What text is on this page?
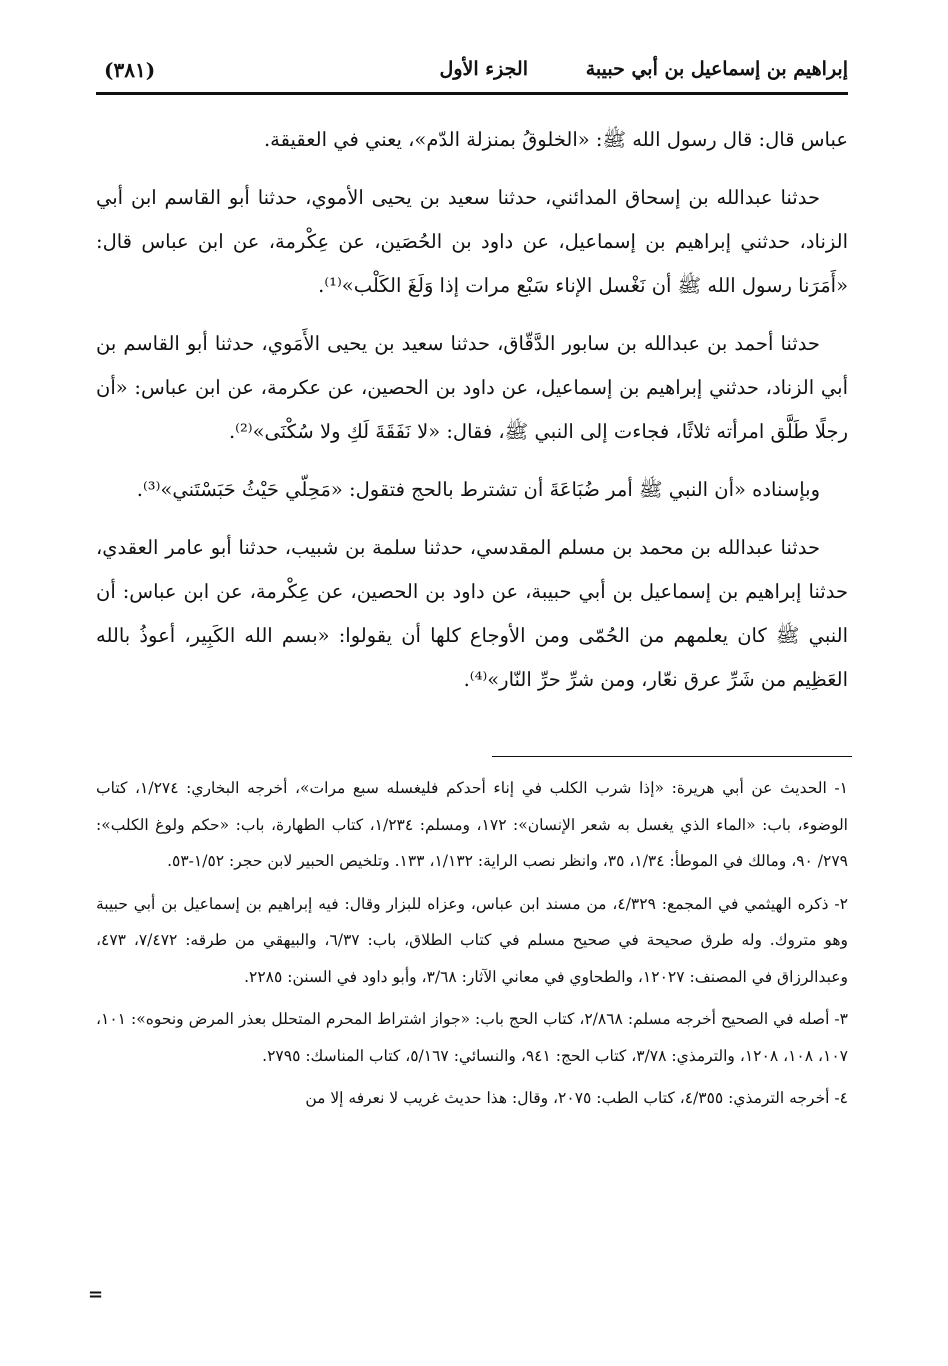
إبراهيم بن إسماعيل بن أبي حبيبة
الجزء الأول
(٣٨١)

عباس قال: قال رسول الله ﷺ: «الخلوقُ بمنزلة الدّم»، يعني في العقيقة.

حدثنا عبدالله بن إسحاق المدائني، حدثنا سعيد بن يحيى الأموي، حدثنا أبو القاسم ابن أبي الزناد، حدثني إبراهيم بن إسماعيل، عن داود بن الحُصَين، عن عِكْرمة، عن ابن عباس قال: «أَمَرَنا رسول الله ﷺ أن نَغْسل الإناء سَبْع مرات إذا وَلَغَ الكَلْب»⁽¹⁾.

حدثنا أحمد بن عبدالله بن سابور الدَّقّاق، حدثنا سعيد بن يحيى الأَمَوي، حدثنا أبو القاسم بن أبي الزناد، حدثني إبراهيم بن إسماعيل، عن داود بن الحصين، عن عكرمة، عن ابن عباس: «أن رجلًا طَلَّق امرأته ثلاثًا، فجاءت إلى النبي ﷺ، فقال: «لا نَفَقَةَ لَكِ ولا سُكْنَى»⁽²⁾.

وبإسناده «أن النبي ﷺ أمر ضُبَاعَةَ أن تشترط بالحج فتقول: «مَحِلّي حَيْثُ حَبَسْتَني»⁽³⁾.

حدثنا عبدالله بن محمد بن مسلم المقدسي، حدثنا سلمة بن شبيب، حدثنا أبو عامر العقدي، حدثنا إبراهيم بن إسماعيل بن أبي حبيبة، عن داود بن الحصين، عن عِكْرمة، عن ابن عباس: أن النبي ﷺ كان يعلمهم من الحُمّى ومن الأوجاع كلها أن يقولوا: «بسم الله الكَبِير، أعوذُ بالله العَظِيم من شَرِّ عرق نعّار، ومن شرِّ حرِّ النّار»⁽⁴⁾.

١- الحديث عن أبي هريرة: «إذا شرب الكلب في إناء أحدكم فليغسله سبع مرات»، أخرجه البخاري: ١/٢٧٤، كتاب الوضوء، باب: «الماء الذي يغسل به شعر الإنسان»: ١٧٢، ومسلم: ١/٢٣٤، كتاب الطهارة، باب: «حكم ولوغ الكلب»: ٢٧٩/ ٩٠، ومالك في الموطأ: ١/٣٤، ٣٥، وانظر نصب الراية: ١/١٣٢، ١٣٣. وتلخيص الحبير لابن حجر: ١/٥٢-٥٣.
٢- ذكره الهيثمي في المجمع: ٤/٣٢٩، من مسند ابن عباس، وعزاه للبزار وقال: فيه إبراهيم بن إسماعيل بن أبي حبيبة وهو متروك. وله طرق صحيحة في صحيح مسلم في كتاب الطلاق، باب: ٦/٣٧، والبيهقي من طرقه: ٧/٤٧٢، ٤٧٣، وعبدالرزاق في المصنف: ١٢٠٢٧، والطحاوي في معاني الآثار: ٣/٦٨، وأبو داود في السنن: ٢٢٨٥.
٣- أصله في الصحيح أخرجه مسلم: ٢/٨٦٨، كتاب الحج باب: «جواز اشتراط المحرم المتحلل بعذر المرض ونحوه»: ١٠١، ١٠٧، ١٠٨، ١٢٠٨، والترمذي: ٣/٧٨، كتاب الحج: ٩٤١، والنسائي: ٥/١٦٧، كتاب المناسك: ٢٧٩٥.
٤- أخرجه الترمذي: ٤/٣٥٥، كتاب الطب: ٢٠٧٥، وقال: هذا حديث غريب لا نعرفه إلا من
=
